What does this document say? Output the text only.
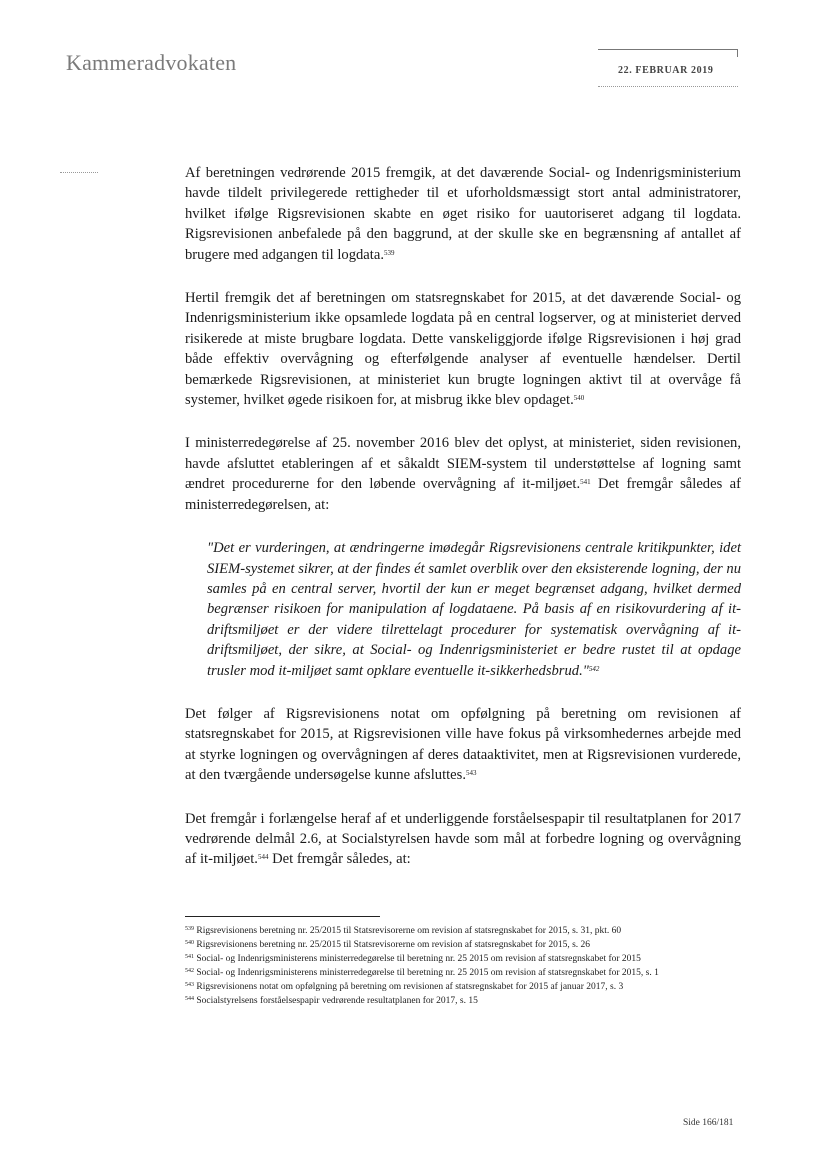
Kammeradvokaten	22. FEBRUAR 2019

Af beretningen vedrørende 2015 fremgik, at det daværende Social- og Indenrigsministerium havde tildelt privilegerede rettigheder til et uforholdsmæssigt stort antal administratorer, hvilket ifølge Rigsrevisionen skabte en øget risiko for uautoriseret adgang til logdata. Rigsrevisionen anbefalede på den baggrund, at der skulle ske en begrænsning af antallet af brugere med adgangen til logdata.$^{539}$

Hertil fremgik det af beretningen om statsregnskabet for 2015, at det daværende Social- og Indenrigsministerium ikke opsamlede logdata på en central logserver, og at ministeriet derved risikerede at miste brugbare logdata. Dette vanskeliggjorde ifølge Rigsrevisionen i høj grad både effektiv overvågning og efterfølgende analyser af eventuelle hændelser. Dertil bemærkede Rigsrevisionen, at ministeriet kun brugte logningen aktivt til at overvåge få systemer, hvilket øgede risikoen for, at misbrug ikke blev opdaget.$^{540}$

I ministerredegørelse af 25. november 2016 blev det oplyst, at ministeriet, siden revisionen, havde afsluttet etableringen af et såkaldt SIEM-system til understøttelse af logning samt ændret procedurerne for den løbende overvågning af it-miljøet.$^{541}$ Det fremgår således af ministerredegørelsen, at:

"Det er vurderingen, at ændringerne imødegår Rigsrevisionens centrale kritikpunkter, idet SIEM-systemet sikrer, at der findes ét samlet overblik over den eksisterende logning, der nu samles på en central server, hvortil der kun er meget begrænset adgang, hvilket dermed begrænser risikoen for manipulation af logdataene. På basis af en risikovurdering af it-driftsmiljøet er der videre tilrettelagt procedurer for systematisk overvågning af it-driftsmiljøet, der sikre, at Social- og Indenrigsministeriet er bedre rustet til at opdage trusler mod it-miljøet samt opklare eventuelle it-sikkerhedsbrud."$^{542}$

Det følger af Rigsrevisionens notat om opfølgning på beretning om revisionen af statsregnskabet for 2015, at Rigsrevisionen ville have fokus på virksomhedernes arbejde med at styrke logningen og overvågningen af deres dataaktivitet, men at Rigsrevisionen vurderede, at den tværgående undersøgelse kunne afsluttes.$^{543}$

Det fremgår i forlængelse heraf af et underliggende forståelsespapir til resultatplanen for 2017 vedrørende delmål 2.6, at Socialstyrelsen havde som mål at forbedre logning og overvågning af it-miljøet.$^{544}$ Det fremgår således, at:

$^{539}$ Rigsrevisionens beretning nr. 25/2015 til Statsrevisorerne om revision af statsregnskabet for 2015, s. 31, pkt. 60

$^{540}$ Rigsrevisionens beretning nr. 25/2015 til Statsrevisorerne om revision af statsregnskabet for 2015, s. 26

$^{541}$ Social- og Indenrigsministerens ministerredegørelse til beretning nr. 25 2015 om revision af statsregnskabet for 2015

$^{542}$ Social- og Indenrigsministerens ministerredegørelse til beretning nr. 25 2015 om revision af statsregnskabet for 2015, s. 1

$^{543}$ Rigsrevisionens notat om opfølgning på beretning om revisionen af statsregnskabet for 2015 af januar 2017, s. 3

$^{544}$ Socialstyrelsens forståelsespapir vedrørende resultatplanen for 2017, s. 15

Side 166/181
